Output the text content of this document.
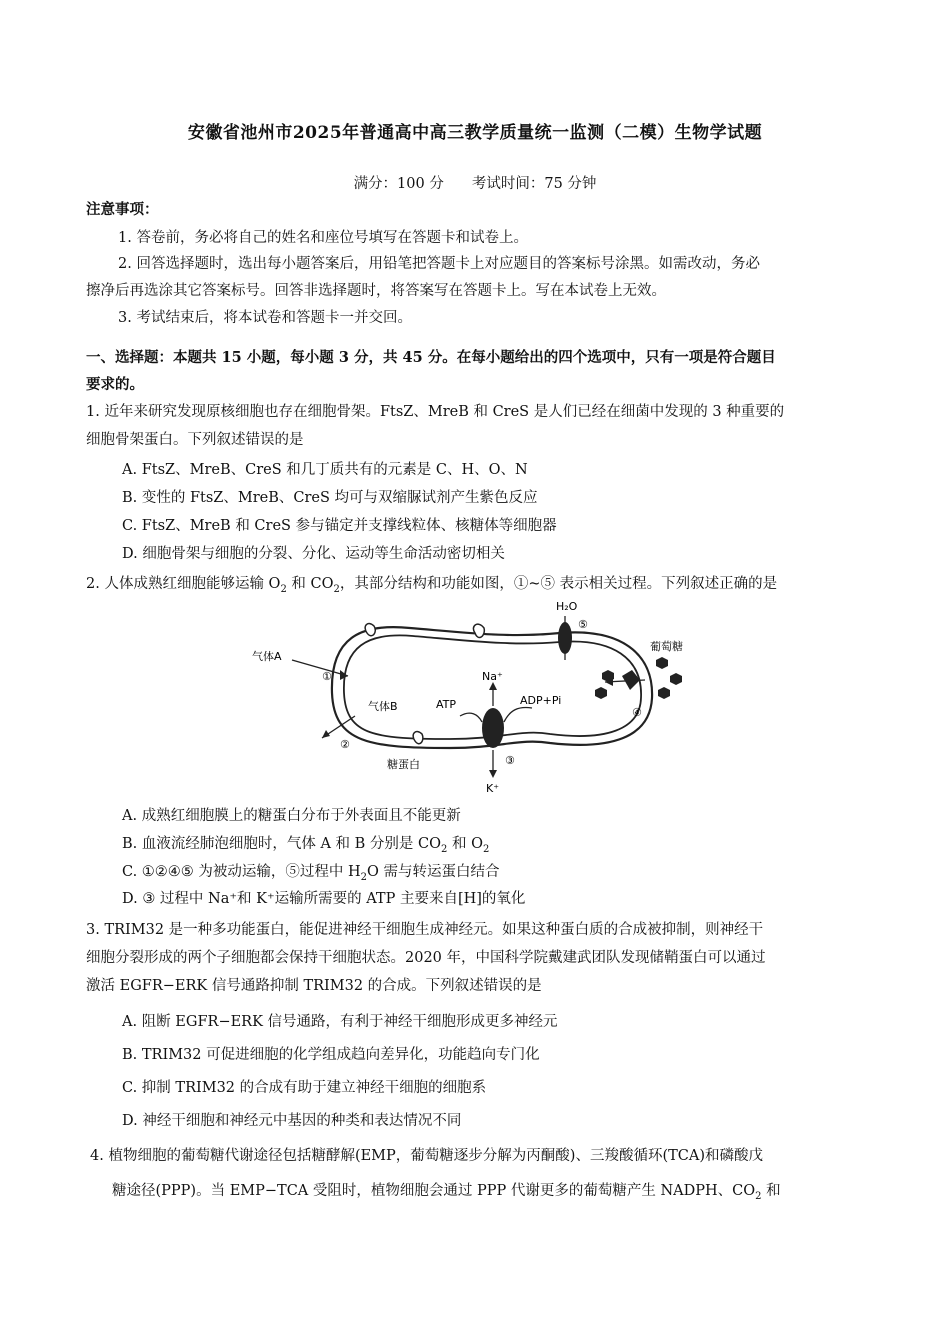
安徽省池州市2025年普通高中高三教学质量统一监测（二模）生物学试题
满分：100 分 考试时间：75 分钟
注意事项：
1. 答卷前，务必将自己的姓名和座位号填写在答题卡和试卷上。
2. 回答选择题时，选出每小题答案后，用铅笔把答题卡上对应题目的答案标号涂黑。如需改动，务必
擦净后再选涂其它答案标号。回答非选择题时，将答案写在答题卡上。写在本试卷上无效。
3. 考试结束后，将本试卷和答题卡一并交回。
一、选择题：本题共 15 小题，每小题 3 分，共 45 分。在每小题给出的四个选项中，只有一项是符合题目
要求的。
1. 近年来研究发现原核细胞也存在细胞骨架。FtsZ、MreB 和 CreS 是人们已经在细菌中发现的 3 种重要的
细胞骨架蛋白。下列叙述错误的是
A. FtsZ、MreB、CreS 和几丁质共有的元素是 C、H、O、N
B. 变性的 FtsZ、MreB、CreS 均可与双缩脲试剂产生紫色反应
C. FtsZ、MreB 和 CreS 参与锚定并支撑线粒体、核糖体等细胞器
D. 细胞骨架与细胞的分裂、分化、运动等生命活动密切相关
2. 人体成熟红细胞能够运输 $O_2$ 和 $CO_2$，其部分结构和功能如图，①~⑤ 表示相关过程。下列叙述正确的是
H₂O
葡萄糖
气体A
气体B	ATP	ADP+Pi
Na⁺
K⁺
糖蛋白
①
②
③
④
⑤
A. 成熟红细胞膜上的糖蛋白分布于外表面且不能更新
B. 血液流经肺泡细胞时，气体 A 和 B 分别是 $CO_2$ 和 $O_2$
C. ①②④⑤ 为被动运输，⑤过程中 $H_2O$ 需与转运蛋白结合
D. ③ 过程中 Na⁺和 K⁺运输所需要的 ATP 主要来自[H]的氧化
3. TRIM32 是一种多功能蛋白，能促进神经干细胞生成神经元。如果这种蛋白质的合成被抑制，则神经干
细胞分裂形成的两个子细胞都会保持干细胞状态。2020 年，中国科学院戴建武团队发现储鞘蛋白可以通过
激活 EGFR−ERK 信号通路抑制 TRIM32 的合成。下列叙述错误的是
A. 阻断 EGFR−ERK 信号通路，有利于神经干细胞形成更多神经元
B. TRIM32 可促进细胞的化学组成趋向差异化，功能趋向专门化
C. 抑制 TRIM32 的合成有助于建立神经干细胞的细胞系
D. 神经干细胞和神经元中基因的种类和表达情况不同
4. 植物细胞的葡萄糖代谢途径包括糖酵解(EMP，葡萄糖逐步分解为丙酮酸)、三羧酸循环(TCA)和磷酸戊
糖途径(PPP)。当 EMP−TCA 受阻时，植物细胞会通过 PPP 代谢更多的葡萄糖产生 NADPH、$CO_2$ 和
